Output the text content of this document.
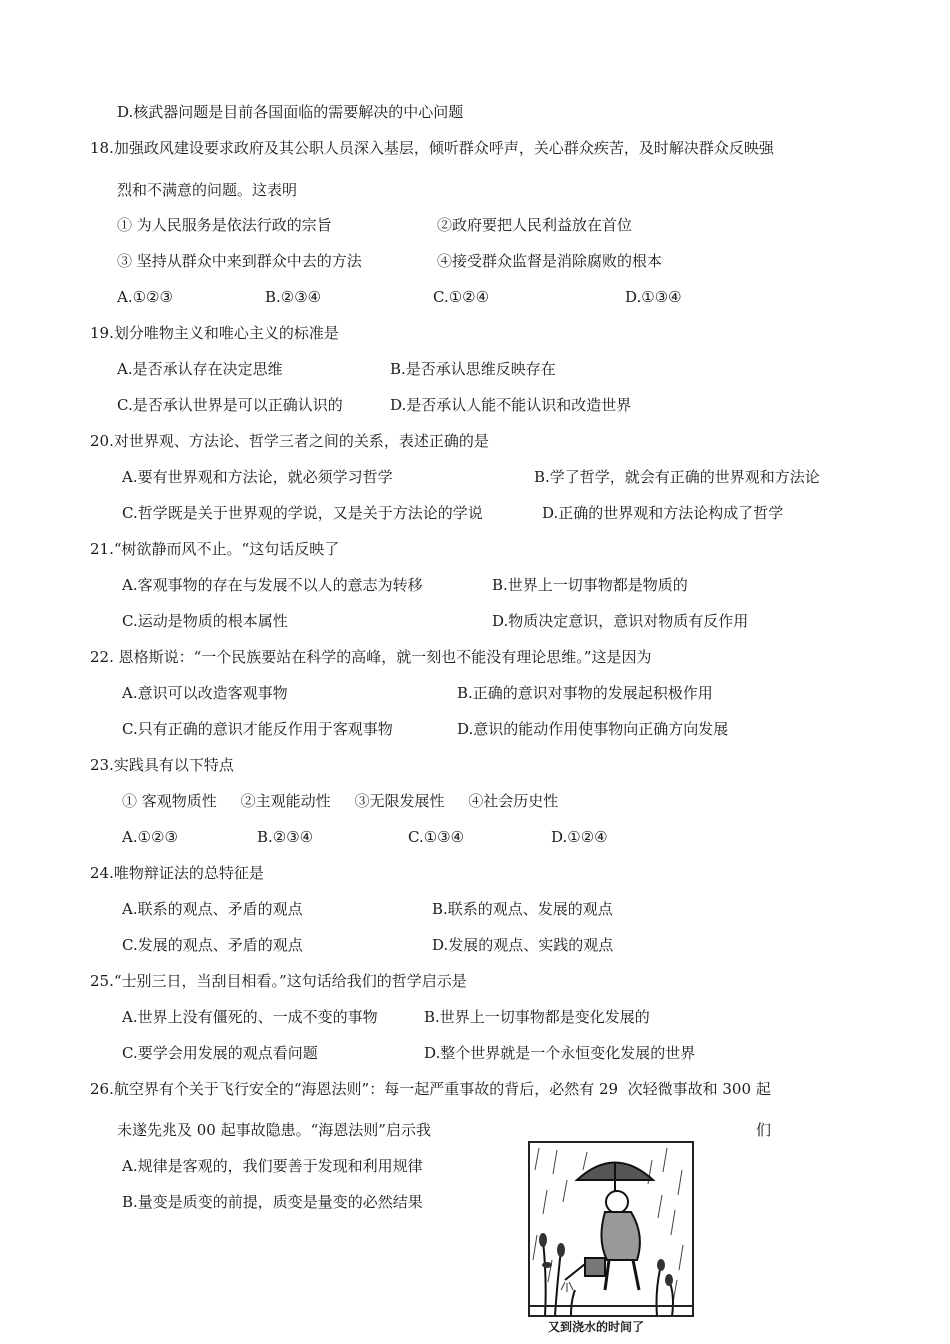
D.核武器问题是目前各国面临的需要解决的中心问题
18.加强政风建设要求政府及其公职人员深入基层，倾听群众呼声，关心群众疾苦，及时解决群众反映强
烈和不满意的问题。这表明
① 为人民服务是依法行政的宗旨	②政府要把人民利益放在首位
③ 坚持从群众中来到群众中去的方法	④接受群众监督是消除腐败的根本
A.①②③	B.②③④	C.①②④	D.①③④
19.划分唯物主义和唯心主义的标准是
A.是否承认存在决定思维	B.是否承认思维反映存在
C.是否承认世界是可以正确认识的	D.是否承认人能不能认识和改造世界
20.对世界观、方法论、哲学三者之间的关系，表述正确的是
A.要有世界观和方法论，就必须学习哲学	B.学了哲学，就会有正确的世界观和方法论
C.哲学既是关于世界观的学说，又是关于方法论的学说	D.正确的世界观和方法论构成了哲学
21.“树欲静而风不止。“这句话反映了
A.客观事物的存在与发展不以人的意志为转移	B.世界上一切事物都是物质的
C.运动是物质的根本属性	D.物质决定意识，意识对物质有反作用
22. 恩格斯说：“一个民族要站在科学的高峰，就一刻也不能没有理论思维。”这是因为
A.意识可以改造客观事物	B.正确的意识对事物的发展起积极作用
C.只有正确的意识才能反作用于客观事物	D.意识的能动作用使事物向正确方向发展
23.实践具有以下特点
① 客观物质性     ②主观能动性     ③无限发展性     ④社会历史性
A.①②③	B.②③④	C.①③④	D.①②④
24.唯物辩证法的总特征是
A.联系的观点、矛盾的观点	B.联系的观点、发展的观点
C.发展的观点、矛盾的观点	D.发展的观点、实践的观点
25.“士别三日，当刮目相看。”这句话给我们的哲学启示是
A.世界上没有僵死的、一成不变的事物	B.世界上一切事物都是变化发展的
C.要学会用发展的观点看问题	D.整个世界就是一个永恒变化发展的世界
26.航空界有个关于飞行安全的“海恩法则”：每一起严重事故的背后，必然有 29  次轻微事故和 300 起
未遂先兆及 00 起事故隐患。“海恩法则”启示我	们
A.规律是客观的，我们要善于发现和利用规律
B.量变是质变的前提，质变是量变的必然结果
又到浇水的时间了
